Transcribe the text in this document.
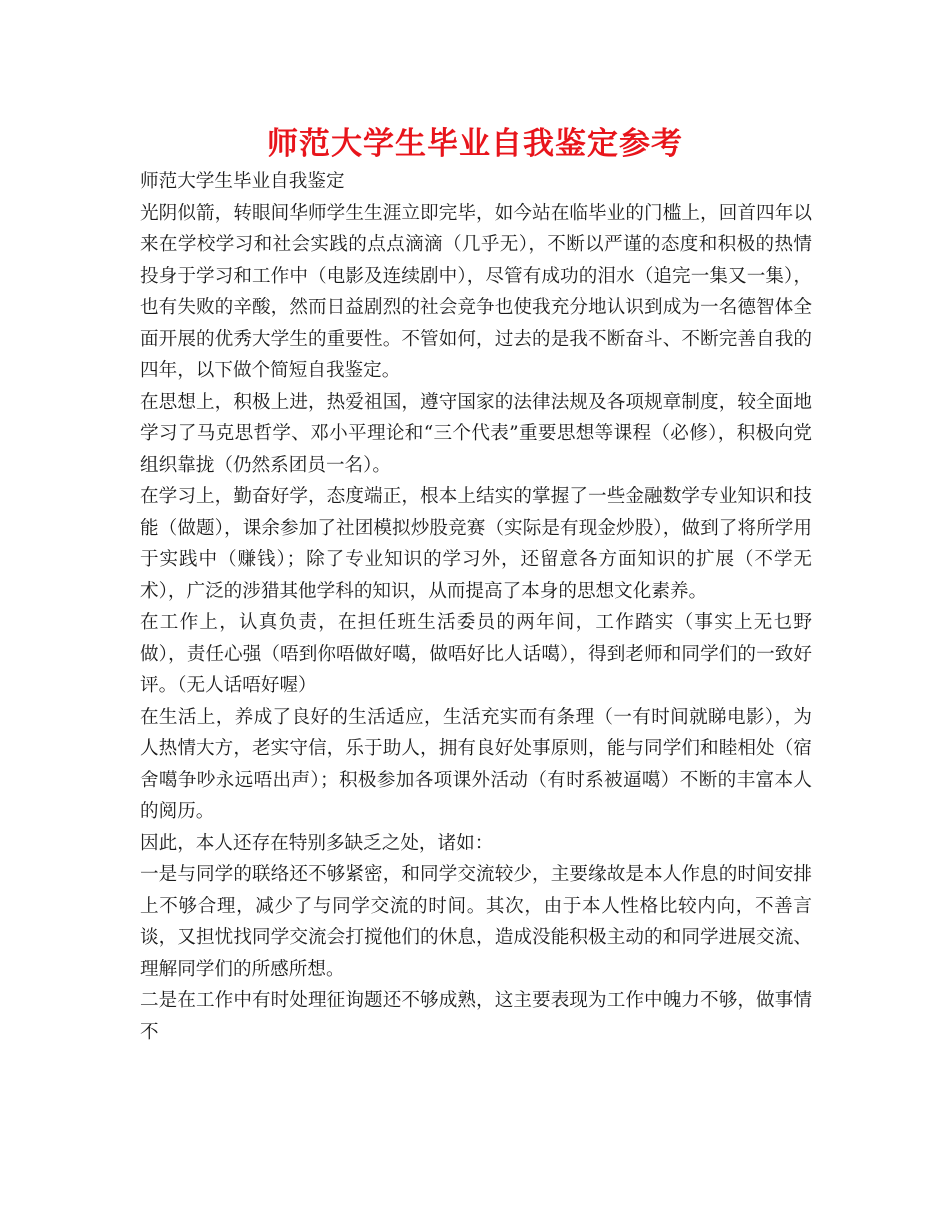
师范大学生毕业自我鉴定参考

师范大学生毕业自我鉴定

光阴似箭，转眼间华师学生生涯立即完毕，如今站在临毕业的门槛上，回首四年以来在学校学习和社会实践的点点滴滴（几乎无），不断以严谨的态度和积极的热情投身于学习和工作中（电影及连续剧中），尽管有成功的泪水（追完一集又一集），也有失败的辛酸，然而日益剧烈的社会竞争也使我充分地认识到成为一名德智体全面开展的优秀大学生的重要性。不管如何，过去的是我不断奋斗、不断完善自我的四年，以下做个简短自我鉴定。

在思想上，积极上进，热爱祖国，遵守国家的法律法规及各项规章制度，较全面地学习了马克思哲学、邓小平理论和“三个代表”重要思想等课程（必修），积极向党组织靠拢（仍然系团员一名）。

在学习上，勤奋好学，态度端正，根本上结实的掌握了一些金融数学专业知识和技能（做题），课余参加了社团模拟炒股竞赛（实际是有现金炒股），做到了将所学用于实践中（赚钱）；除了专业知识的学习外，还留意各方面知识的扩展（不学无术），广泛的涉猎其他学科的知识，从而提高了本身的思想文化素养。

在工作上，认真负责，在担任班生活委员的两年间，工作踏实（事实上无乜野做），责任心强（唔到你唔做好噶，做唔好比人话噶），得到老师和同学们的一致好评。（无人话唔好喔）

在生活上，养成了良好的生活适应，生活充实而有条理（一有时间就睇电影），为人热情大方，老实守信，乐于助人，拥有良好处事原则，能与同学们和睦相处（宿舍噶争吵永远唔出声）；积极参加各项课外活动（有时系被逼噶）不断的丰富本人的阅历。

因此，本人还存在特别多缺乏之处，诸如：

一是与同学的联络还不够紧密，和同学交流较少，主要缘故是本人作息的时间安排上不够合理，减少了与同学交流的时间。其次，由于本人性格比较内向，不善言谈，又担忧找同学交流会打搅他们的休息，造成没能积极主动的和同学进展交流、理解同学们的所感所想。

二是在工作中有时处理征询题还不够成熟，这主要表现为工作中魄力不够，做事情不
